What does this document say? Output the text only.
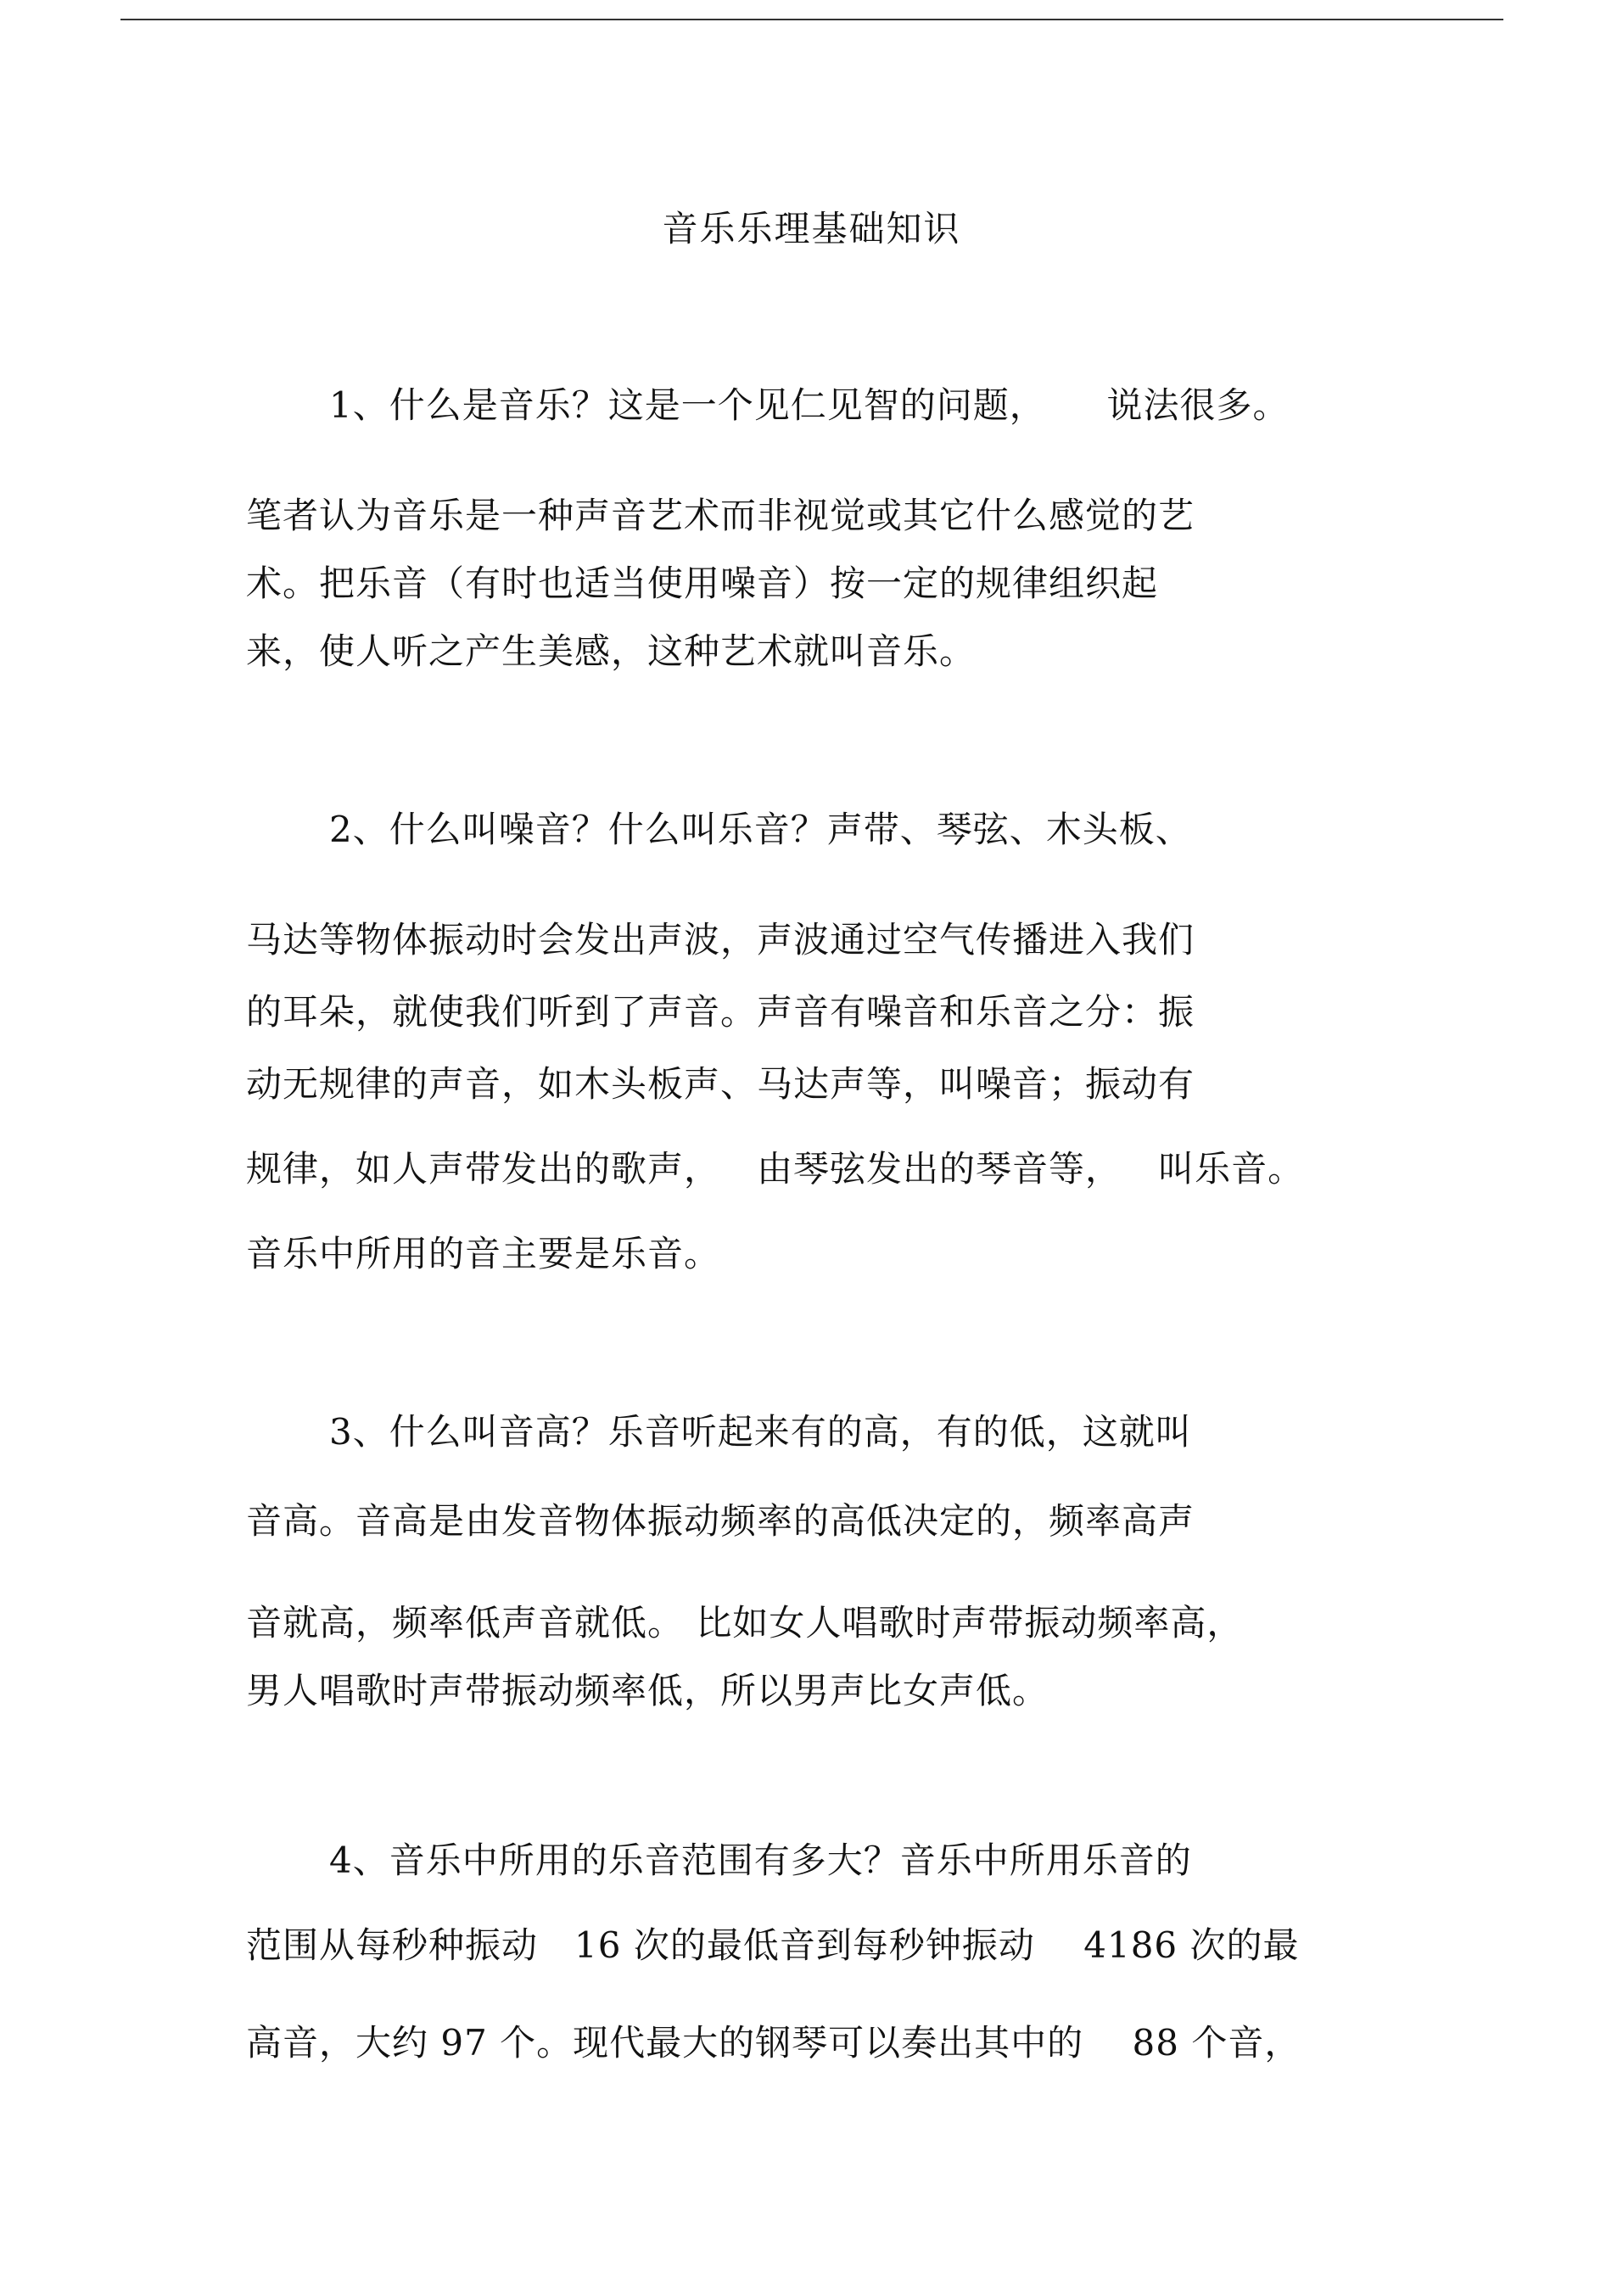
音乐乐理基础知识
1、什么是音乐？这是一个见仁见智的问题，     说法很多。
笔者认为音乐是一种声音艺术而非视觉或其它什么感觉的艺
术。把乐音（有时也适当使用噪音）按一定的规律组织起
来，使人听之产生美感，这种艺术就叫音乐。
2、什么叫噪音？什么叫乐音？声带、琴弦、木头板、
马达等物体振动时会发出声波，声波通过空气传播进入我们
的耳朵，就使我们听到了声音。声音有噪音和乐音之分：振
动无规律的声音，如木头板声、马达声等，叫噪音；振动有
规律，如人声带发出的歌声，   由琴弦发出的琴音等，   叫乐音。
音乐中所用的音主要是乐音。
3、什么叫音高？乐音听起来有的高，有的低，这就叫
音高。音高是由发音物体振动频率的高低决定的，频率高声
音就高，频率低声音就低。 比如女人唱歌时声带振动频率高，
男人唱歌时声带振动频率低，所以男声比女声低。
4、音乐中所用的乐音范围有多大？音乐中所用乐音的
范围从每秒种振动   16 次的最低音到每秒钟振动    4186 次的最
高音，大约 97 个。现代最大的钢琴可以奏出其中的    88 个音，
